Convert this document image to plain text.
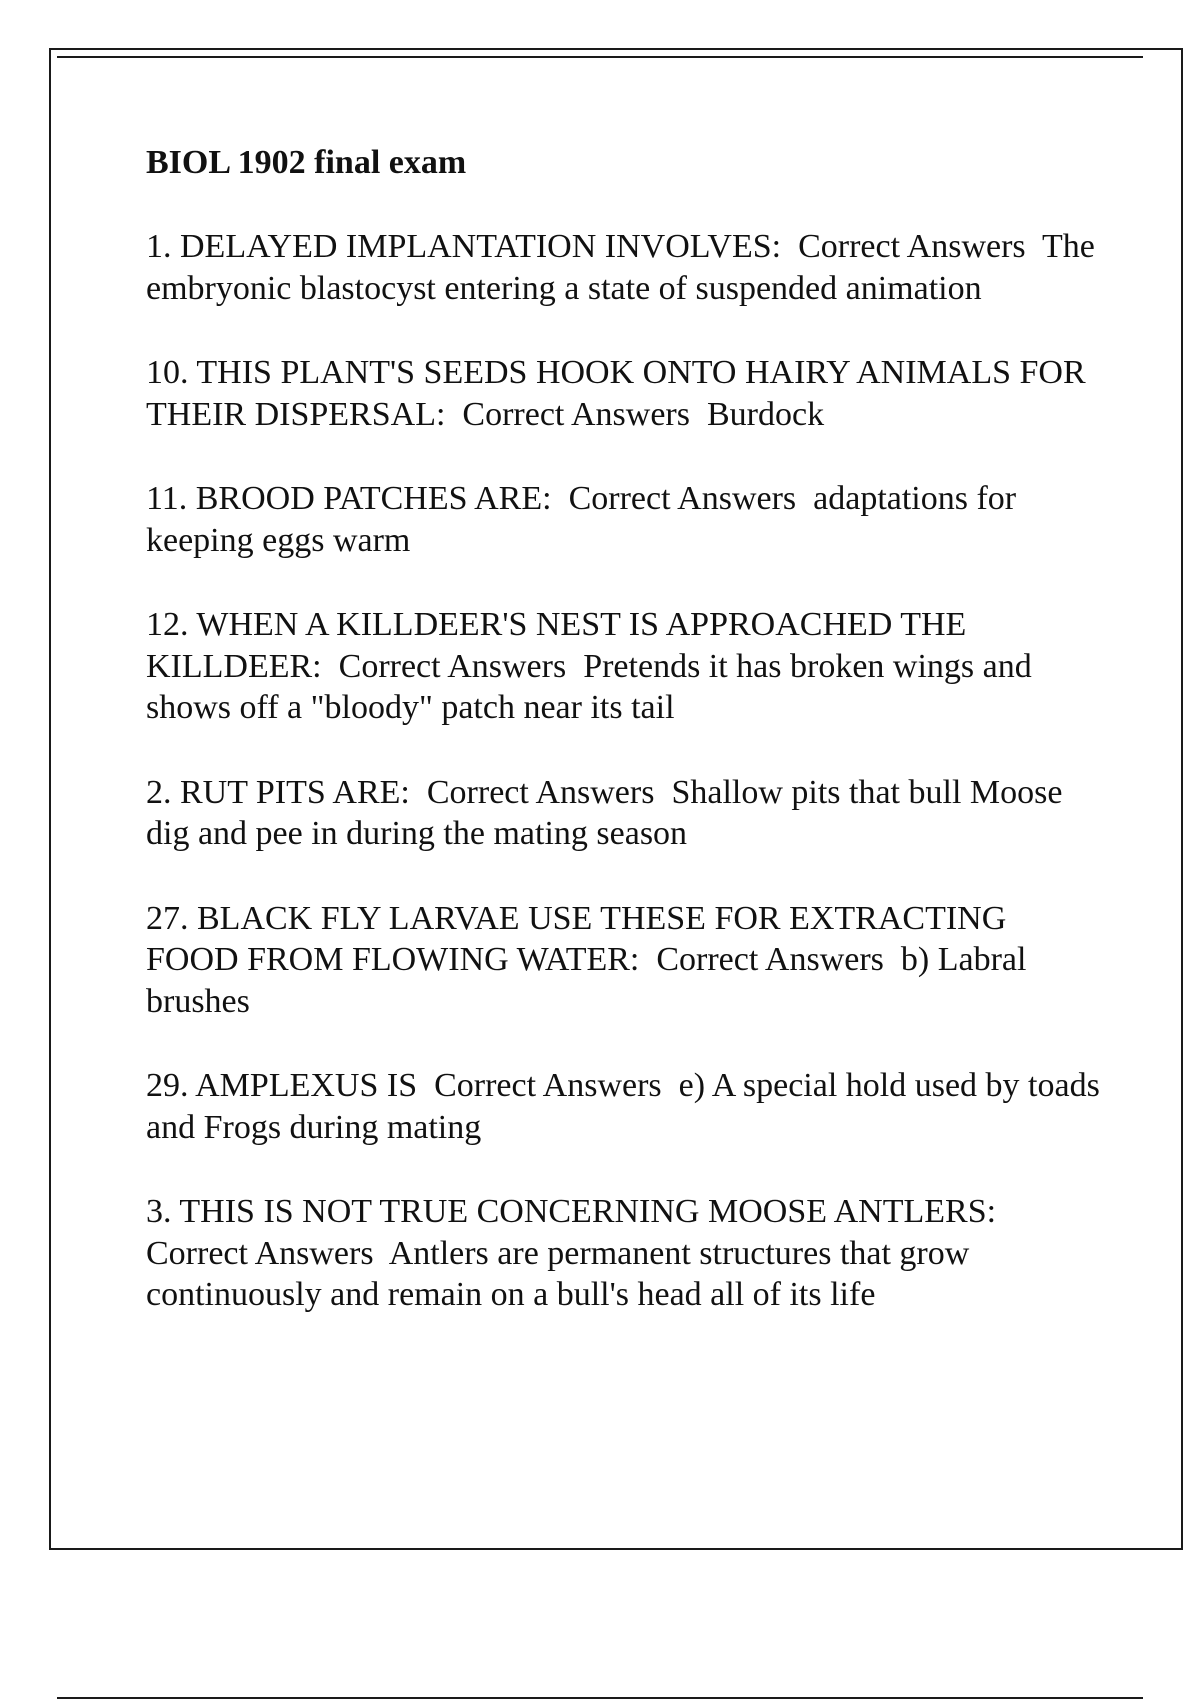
BIOL 1902 final exam

1. DELAYED IMPLANTATION INVOLVES: Correct Answers The embryonic blastocyst entering a state of suspended animation

10. THIS PLANT'S SEEDS HOOK ONTO HAIRY ANIMALS FOR THEIR DISPERSAL: Correct Answers Burdock

11. BROOD PATCHES ARE: Correct Answers adaptations for keeping eggs warm

12. WHEN A KILLDEER'S NEST IS APPROACHED THE KILLDEER: Correct Answers Pretends it has broken wings and shows off a "bloody" patch near its tail

2. RUT PITS ARE: Correct Answers Shallow pits that bull Moose dig and pee in during the mating season

27. BLACK FLY LARVAE USE THESE FOR EXTRACTING FOOD FROM FLOWING WATER: Correct Answers b) Labral brushes

29. AMPLEXUS IS Correct Answers e) A special hold used by toads and Frogs during mating

3. THIS IS NOT TRUE CONCERNING MOOSE ANTLERS:  Correct Answers Antlers are permanent structures that grow continuously and remain on a bull's head all of its life
